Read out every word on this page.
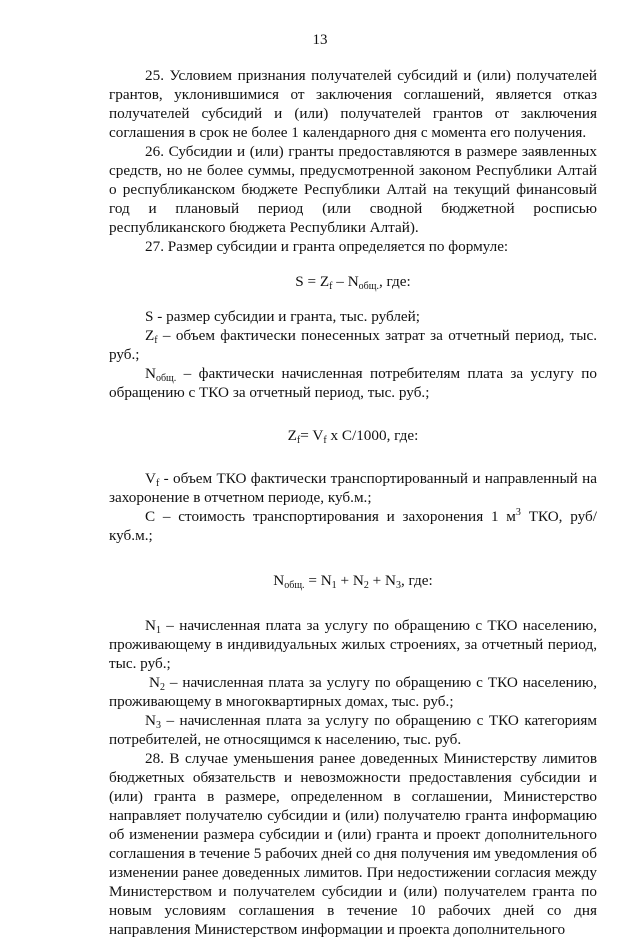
13

25. Условием признания получателей субсидий и (или) получателей грантов, уклонившимися от заключения соглашений, является отказ получателей субсидий и (или) получателей грантов от заключения соглашения в срок не более 1 календарного дня с момента его получения.

26. Субсидии и (или) гранты предоставляются в размере заявленных средств, но не более суммы, предусмотренной законом Республики Алтай о республиканском бюджете Республики Алтай на текущий финансовый год и плановый период (или сводной бюджетной росписью республиканского бюджета Республики Алтай).

27. Размер субсидии и гранта определяется по формуле:

$S = Z_f - N_{общ.}$, где:

S - размер субсидии и гранта, тыс. рублей;

$Z_f$ – объем фактически понесенных затрат за отчетный период, тыс. руб.;

$N_{общ.}$ – фактически начисленная потребителям плата за услугу по обращению с ТКО за отчетный период, тыс. руб.;

$Z_f= V_f$ х С/1000, где:

$V_f$ - объем ТКО фактически транспортированный и направленный на захоронение в отчетном периоде, куб.м.;

С – стоимость транспортирования и захоронения 1 $м^3$ ТКО, руб/куб.м.;

$N_{общ.} = N_1 + N_2 + N_3$, где:

$N_1$ – начисленная плата за услугу по обращению с ТКО населению, проживающему в индивидуальных жилых строениях, за отчетный период, тыс. руб.;

$N_2$ – начисленная плата за услугу по обращению с ТКО населению, проживающему в многоквартирных домах, тыс. руб.;

$N_3$ – начисленная плата за услугу по обращению с ТКО категориям потребителей, не относящимся к населению, тыс. руб.

28. В случае уменьшения ранее доведенных Министерству лимитов бюджетных обязательств и невозможности предоставления субсидии и (или) гранта в размере, определенном в соглашении, Министерство направляет получателю субсидии и (или) получателю гранта информацию об изменении размера субсидии и (или) гранта и проект дополнительного соглашения в течение 5 рабочих дней со дня получения им уведомления об изменении ранее доведенных лимитов. При недостижении согласия между Министерством и получателем субсидии и (или) получателем гранта по новым условиям соглашения в течение 10 рабочих дней со дня направления Министерством информации и проекта дополнительного
